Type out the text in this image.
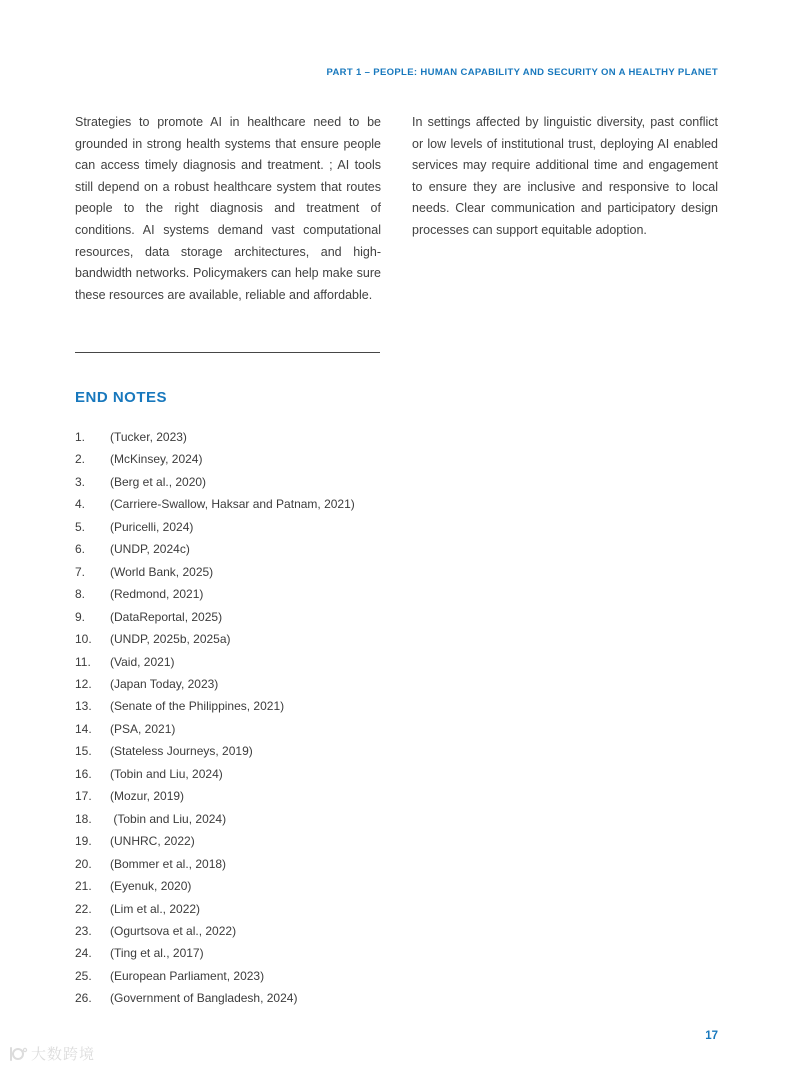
PART 1 – PEOPLE: HUMAN CAPABILITY AND SECURITY ON A HEALTHY PLANET
Strategies to promote AI in healthcare need to be grounded in strong health systems that ensure people can access timely diagnosis and treatment. ; AI tools still depend on a robust healthcare system that routes people to the right diagnosis and treatment of conditions. AI systems demand vast computational resources, data storage architectures, and high-bandwidth networks. Policymakers can help make sure these resources are available, reliable and affordable.
In settings affected by linguistic diversity, past conflict or low levels of institutional trust, deploying AI enabled services may require additional time and engagement to ensure they are inclusive and responsive to local needs. Clear communication and participatory design processes can support equitable adoption.
END NOTES
1.	(Tucker, 2023)
2.	(McKinsey, 2024)
3.	(Berg et al., 2020)
4.	(Carriere-Swallow, Haksar and Patnam, 2021)
5.	(Puricelli, 2024)
6.	(UNDP, 2024c)
7.	(World Bank, 2025)
8.	(Redmond, 2021)
9.	(DataReportal, 2025)
10.	(UNDP, 2025b, 2025a)
11.	(Vaid, 2021)
12.	(Japan Today, 2023)
13.	(Senate of the Philippines, 2021)
14.	(PSA, 2021)
15.	(Stateless Journeys, 2019)
16.	(Tobin and Liu, 2024)
17.	(Mozur, 2019)
18.	(Tobin and Liu, 2024)
19.	(UNHRC, 2022)
20.	(Bommer et al., 2018)
21.	(Eyenuk, 2020)
22.	(Lim et al., 2022)
23.	(Ogurtsova et al., 2022)
24.	(Ting et al., 2017)
25.	(European Parliament, 2023)
26.	(Government of Bangladesh, 2024)
17
大数跨境
